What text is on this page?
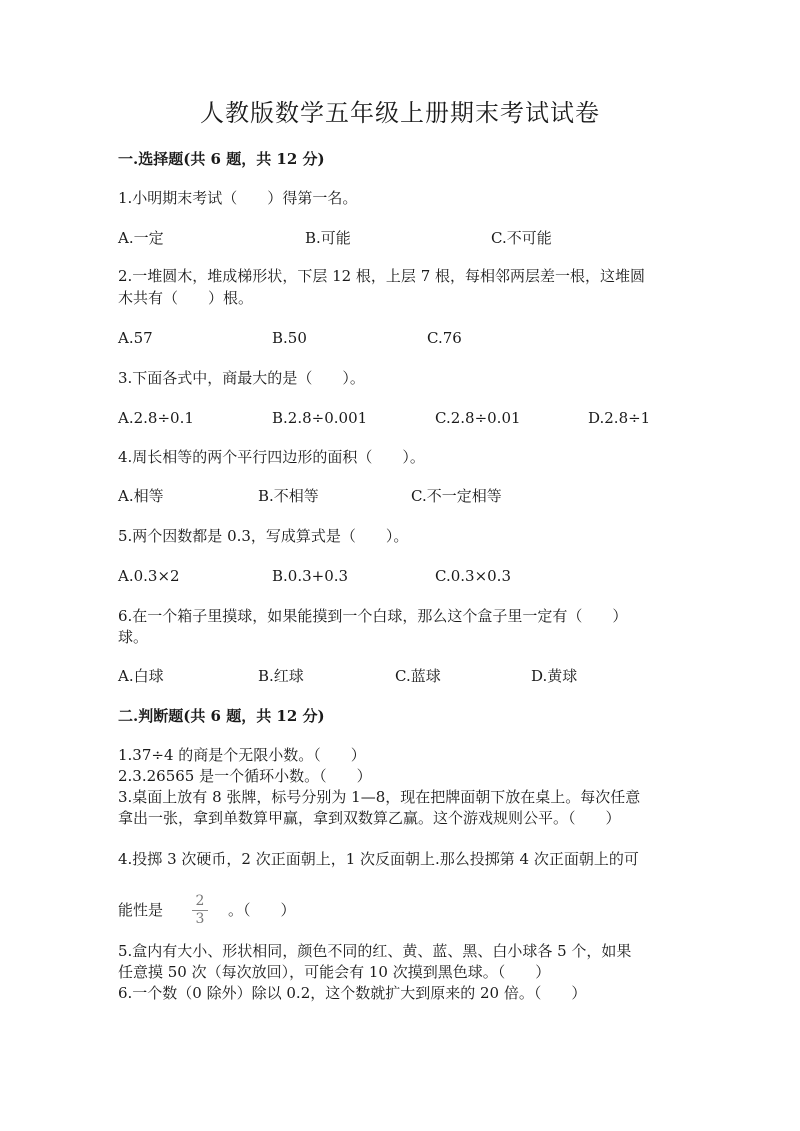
人教版数学五年级上册期末考试试卷
一.选择题(共 6 题，共 12 分)
1.小明期末考试（　　）得第一名。
A.一定	B.可能	C.不可能
2.一堆圆木，堆成梯形状，下层 12 根，上层 7 根，每相邻两层差一根，这堆圆
木共有（　　）根。
A.57	B.50	C.76
3.下面各式中，商最大的是（　　）。
A.2.8÷0.1	B.2.8÷0.001	C.2.8÷0.01	D.2.8÷1
4.周长相等的两个平行四边形的面积（　　）。
A.相等	B.不相等	C.不一定相等
5.两个因数都是 0.3，写成算式是（　　）。
A.0.3×2	B.0.3+0.3	C.0.3×0.3
6.在一个箱子里摸球，如果能摸到一个白球，那么这个盒子里一定有（　　）
球。
A.白球	B.红球	C.蓝球	D.黄球
二.判断题(共 6 题，共 12 分)
1.37÷4 的商是个无限小数。（　　）
2.3.26565 是一个循环小数。（　　）
3.桌面上放有 8 张牌，标号分别为 1—8，现在把牌面朝下放在桌上。每次任意
拿出一张，拿到单数算甲赢，拿到双数算乙赢。这个游戏规则公平。（　　）
4.投掷 3 次硬币，2 次正面朝上，1 次反面朝上.那么投掷第 4 次正面朝上的可
能性是	2
3 。（　　）
5.盒内有大小、形状相同，颜色不同的红、黄、蓝、黑、白小球各 5 个，如果
任意摸 50 次（每次放回），可能会有 10 次摸到黑色球。（　　）
6.一个数（0 除外）除以 0.2，这个数就扩大到原来的 20 倍。（　　）
